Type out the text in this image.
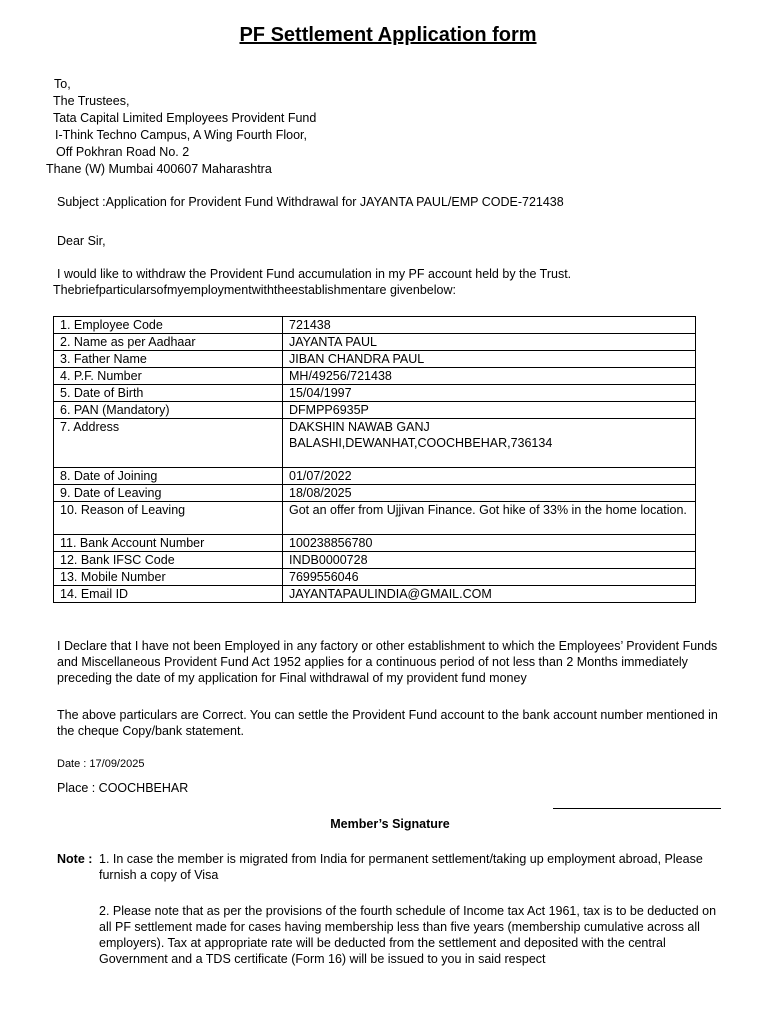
PF Settlement Application form
To,
The Trustees,
Tata Capital Limited Employees Provident Fund
I-Think Techno Campus, A Wing Fourth Floor,
Off Pokhran Road No. 2
Thane (W) Mumbai 400607 Maharashtra
Subject :Application for Provident Fund Withdrawal for JAYANTA PAUL/EMP CODE-721438
Dear Sir,
I would like to withdraw the Provident Fund accumulation in my PF account held by the Trust.
Thebriefparticularsofmyemploymentwiththeestablishmentare givenbelow:
1. Employee Code	721438
2. Name as per Aadhaar	JAYANTA PAUL
3. Father Name	JIBAN CHANDRA PAUL
4. P.F. Number	MH/49256/721438
5. Date of Birth	15/04/1997
6. PAN (Mandatory)	DFMPP6935P
7. Address	DAKSHIN NAWAB GANJ BALASHI,DEWANHAT,COOCHBEHAR,736134
8. Date of Joining	01/07/2022
9. Date of Leaving	18/08/2025
10. Reason of Leaving	Got an offer from Ujjivan Finance. Got hike of 33% in the home location.
11. Bank Account Number	100238856780
12. Bank IFSC Code	INDB0000728
13. Mobile Number	7699556046
14. Email ID	JAYANTAPAULINDIA@GMAIL.COM
I Declare that I have not been Employed in any factory or other establishment to which the Employees’ Provident Funds and Miscellaneous Provident Fund Act 1952 applies for a continuous period of not less than 2 Months immediately preceding the date of my application for Final withdrawal of my provident fund money
The above particulars are Correct. You can settle the Provident Fund account to the bank account number mentioned in the cheque Copy/bank statement.
Date : 17/09/2025
Place : COOCHBEHAR
Member’s Signature
Note : 1. In case the member is migrated from India for permanent settlement/taking up employment abroad, Please furnish a copy of Visa
2. Please note that as per the provisions of the fourth schedule of Income tax Act 1961, tax is to be deducted on all PF settlement made for cases having membership less than five years (membership cumulative across all employers). Tax at appropriate rate will be deducted from the settlement and deposited with the central Government and a TDS certificate (Form 16) will be issued to you in said respect
